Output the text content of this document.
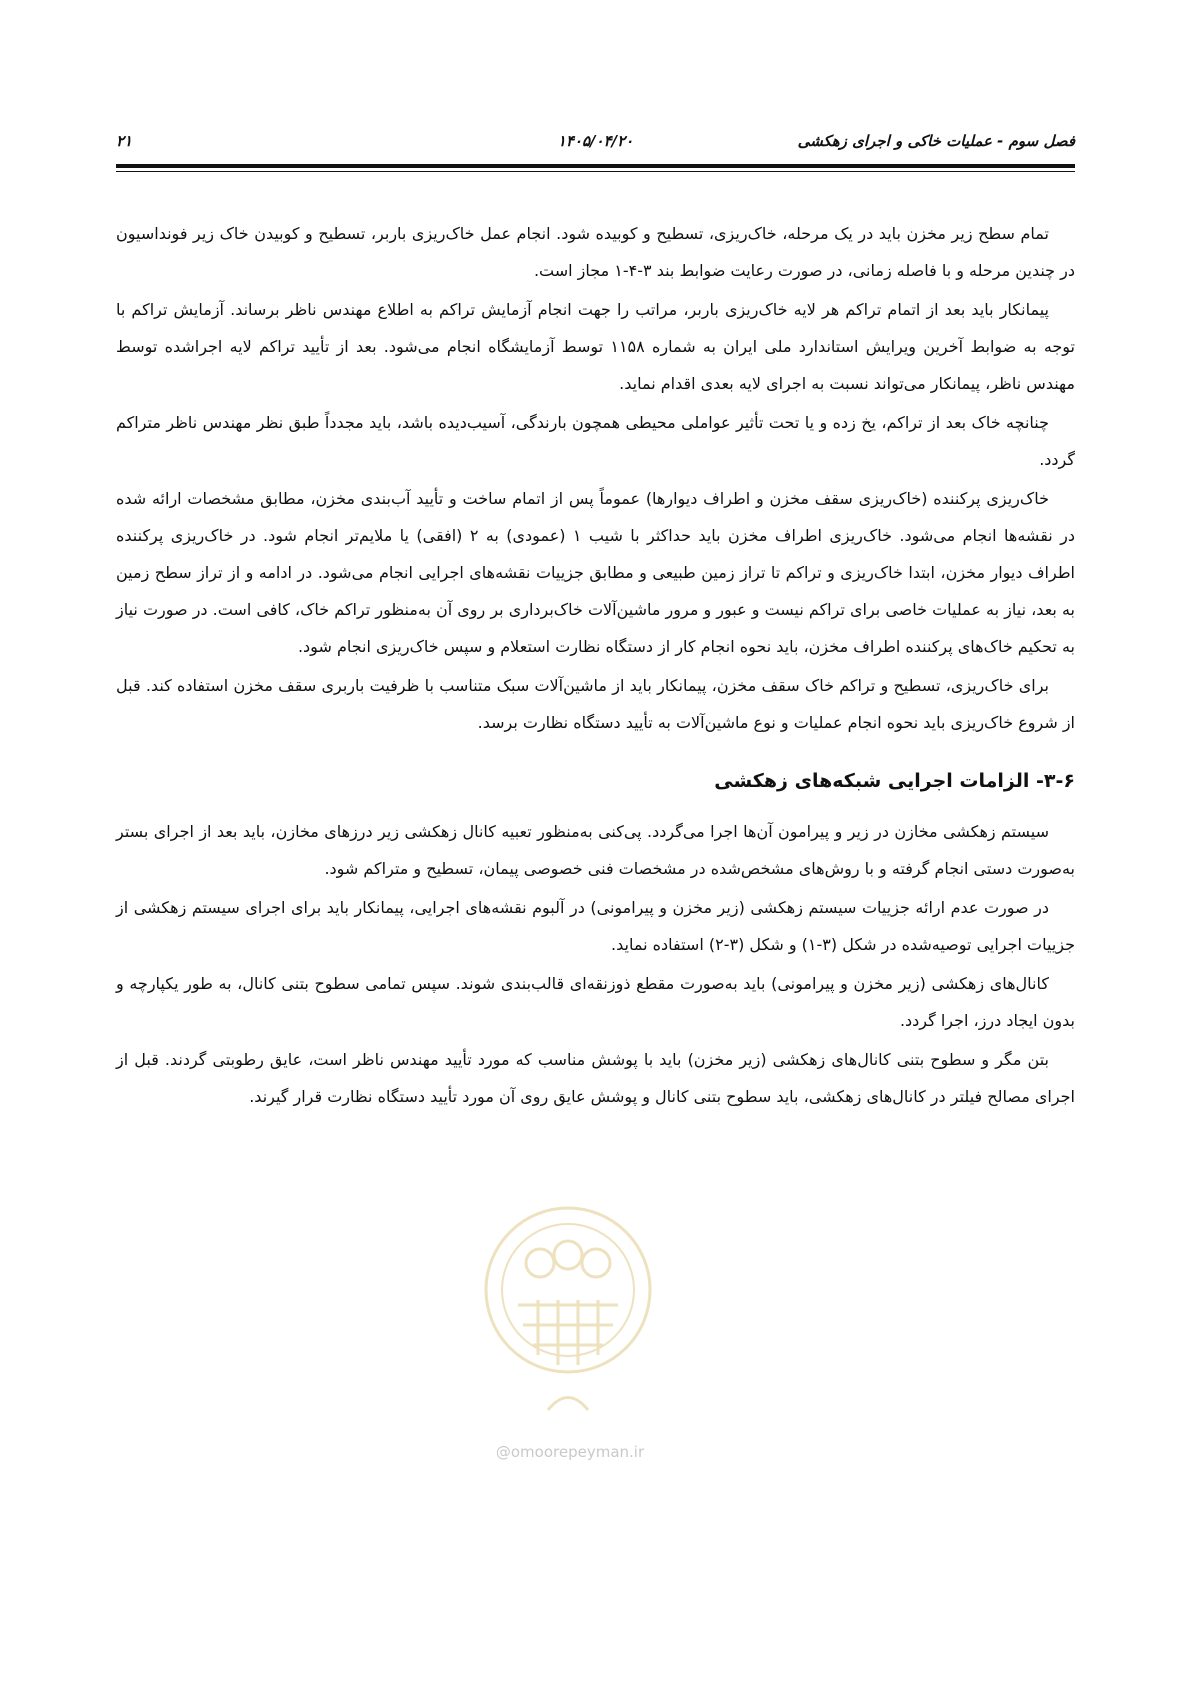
فصل سوم - عملیات خاکی و اجرای زهکشی
۱۴۰۵/۰۴/۲۰
۲۱
@omoorepeyman.ir

تمام سطح زیر مخزن باید در یک مرحله، خاک‌ریزی، تسطیح و کوبیده شود. انجام عمل خاک‌ریزی باربر، تسطیح و کوبیدن خاک زیر فونداسیون در چندین مرحله و با فاصله زمانی، در صورت رعایت ضوابط بند ۳-۴-۱ مجاز است.

پیمانکار باید بعد از اتمام تراکم هر لایه خاک‌ریزی باربر، مراتب را جهت انجام آزمایش تراکم به اطلاع مهندس ناظر برساند. آزمایش تراکم با توجه به ضوابط آخرین ویرایش استاندارد ملی ایران به شماره ۱۱۵۸ توسط آزمایشگاه انجام می‌شود. بعد از تأیید تراکم لایه اجراشده توسط مهندس ناظر، پیمانکار می‌تواند نسبت به اجرای لایه بعدی اقدام نماید.

چنانچه خاک بعد از تراکم، یخ زده و یا تحت تأثیر عواملی محیطی همچون بارندگی، آسیب‌دیده باشد، باید مجدداً طبق نظر مهندس ناظر متراکم گردد.

خاک‌ریزی پرکننده (خاک‌ریزی سقف مخزن و اطراف دیوارها) عموماً پس از اتمام ساخت و تأیید آب‌بندی مخزن، مطابق مشخصات ارائه شده در نقشه‌ها انجام می‌شود. خاک‌ریزی اطراف مخزن باید حداکثر با شیب ۱ (عمودی) به ۲ (افقی) یا ملایم‌تر انجام شود. در خاک‌ریزی پرکننده اطراف دیوار مخزن، ابتدا خاک‌ریزی و تراکم تا تراز زمین طبیعی و مطابق جزییات نقشه‌های اجرایی انجام می‌شود. در ادامه و از تراز سطح زمین به بعد، نیاز به عملیات خاصی برای تراکم نیست و عبور و مرور ماشین‌آلات خاک‌برداری بر روی آن به‌منظور تراکم خاک، کافی است. در صورت نیاز به تحکیم خاک‌های پرکننده اطراف مخزن، باید نحوه انجام کار از دستگاه نظارت استعلام و سپس خاک‌ریزی انجام شود.

برای خاک‌ریزی، تسطیح و تراکم خاک سقف مخزن، پیمانکار باید از ماشین‌آلات سبک متناسب با ظرفیت باربری سقف مخزن استفاده کند. قبل از شروع خاک‌ریزی باید نحوه انجام عملیات و نوع ماشین‌آلات به تأیید دستگاه نظارت برسد.

۳-۶- الزامات اجرایی شبکه‌های زهکشی

سیستم زهکشی مخازن در زیر و پیرامون آن‌ها اجرا می‌گردد. پی‌کنی به‌منظور تعبیه کانال زهکشی زیر درزهای مخازن، باید بعد از اجرای بستر به‌صورت دستی انجام گرفته و با روش‌های مشخص‌شده در مشخصات فنی خصوصی پیمان، تسطیح و متراکم شود.

در صورت عدم ارائه جزییات سیستم زهکشی (زیر مخزن و پیرامونی) در آلبوم نقشه‌های اجرایی، پیمانکار باید برای اجرای سیستم زهکشی از جزییات اجرایی توصیه‌شده در شکل (۳-۱) و شکل (۳-۲) استفاده نماید.

کانال‌های زهکشی (زیر مخزن و پیرامونی) باید به‌صورت مقطع ذوزنقه‌ای قالب‌بندی شوند. سپس تمامی سطوح بتنی کانال، به طور یکپارچه و بدون ایجاد درز، اجرا گردد.

بتن مگر و سطوح بتنی کانال‌های زهکشی (زیر مخزن) باید با پوشش مناسب که مورد تأیید مهندس ناظر است، عایق رطوبتی گردند. قبل از اجرای مصالح فیلتر در کانال‌های زهکشی، باید سطوح بتنی کانال و پوشش عایق روی آن مورد تأیید دستگاه نظارت قرار گیرند.
